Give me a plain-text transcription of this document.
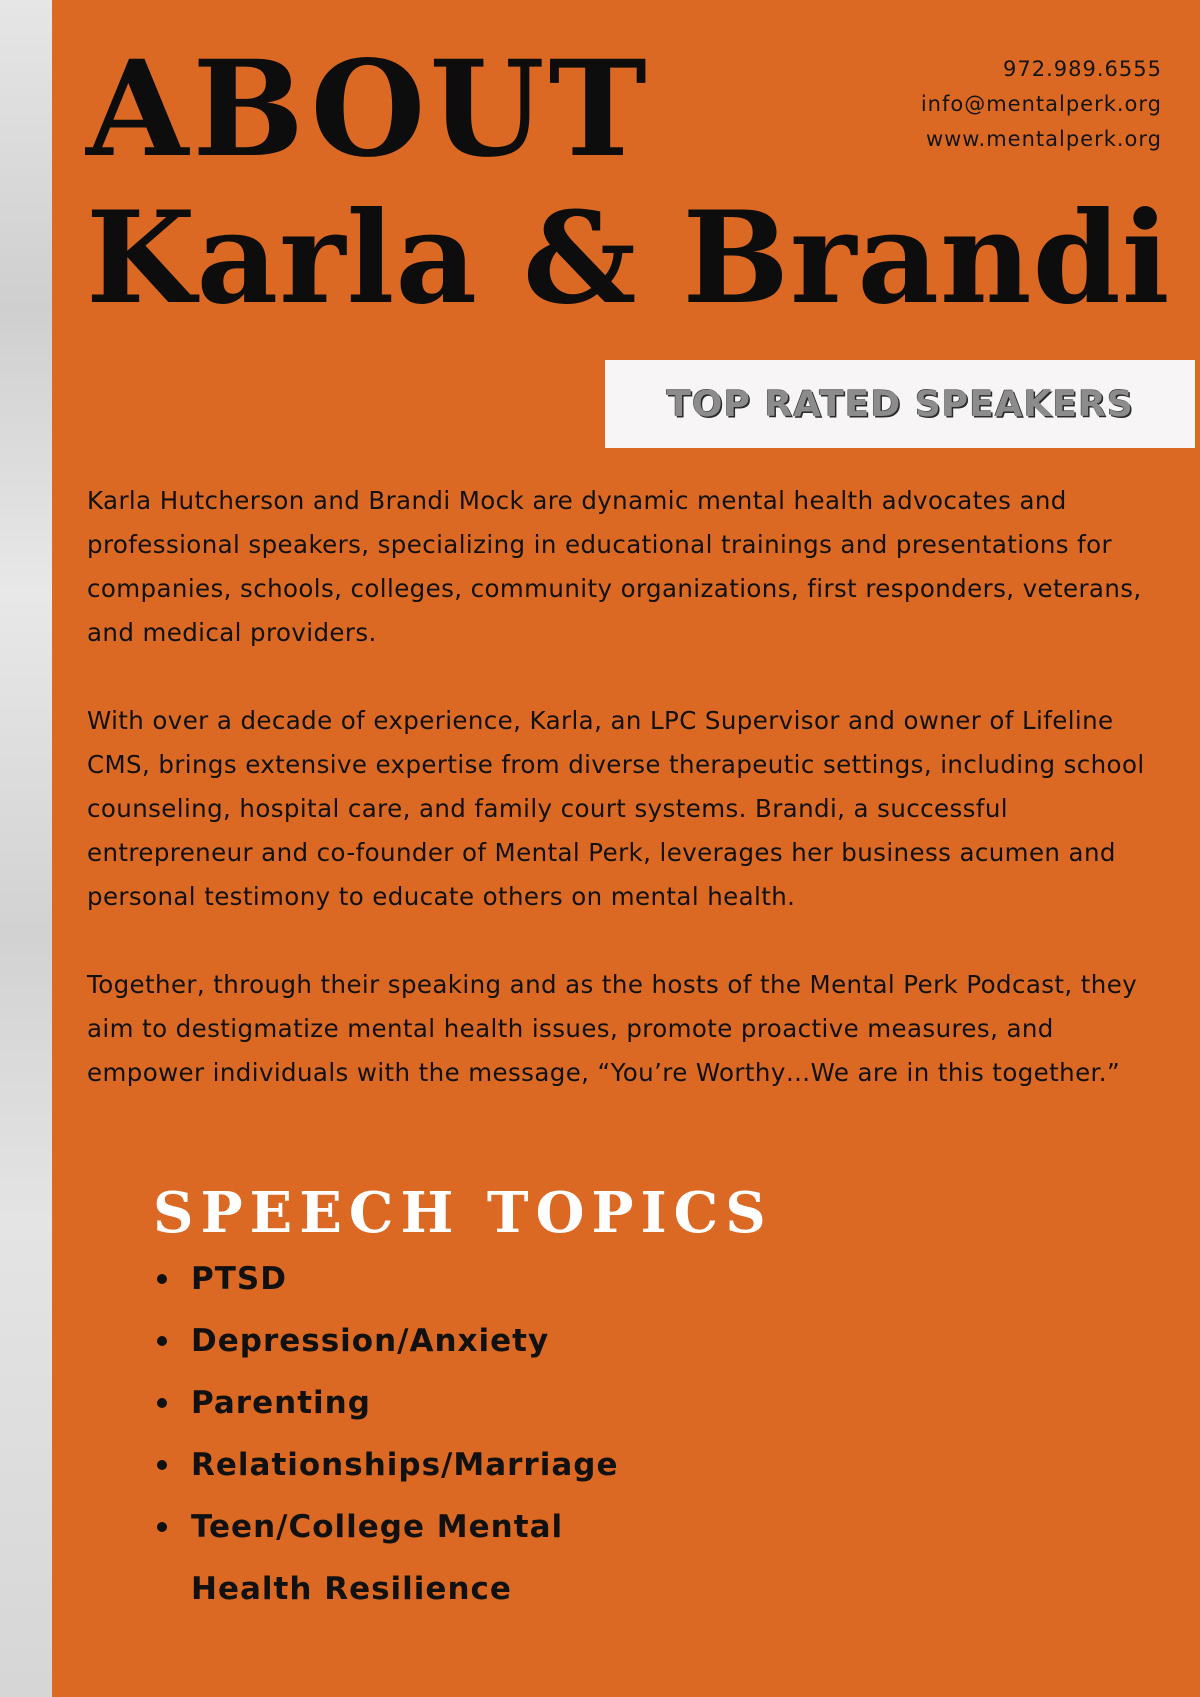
972.989.6555
info@mentalperk.org
www.mentalperk.org
ABOUT
Karla & Brandi
TOP RATED SPEAKERS

Karla Hutcherson and Brandi Mock are dynamic mental health advocates and professional speakers, specializing in educational trainings and presentations for companies, schools, colleges, community organizations, first responders, veterans, and medical providers.

With over a decade of experience, Karla, an LPC Supervisor and owner of Lifeline CMS, brings extensive expertise from diverse therapeutic settings, including school counseling, hospital care, and family court systems. Brandi, a successful entrepreneur and co-founder of Mental Perk, leverages her business acumen and personal testimony to educate others on mental health.

Together, through their speaking and as the hosts of the Mental Perk Podcast, they aim to destigmatize mental health issues, promote proactive measures, and empower individuals with the message, “You’re Worthy…We are in this together.”

SPEECH TOPICS
PTSD
Depression/Anxiety
Parenting
Relationships/Marriage
Teen/College Mental Health Resilience
